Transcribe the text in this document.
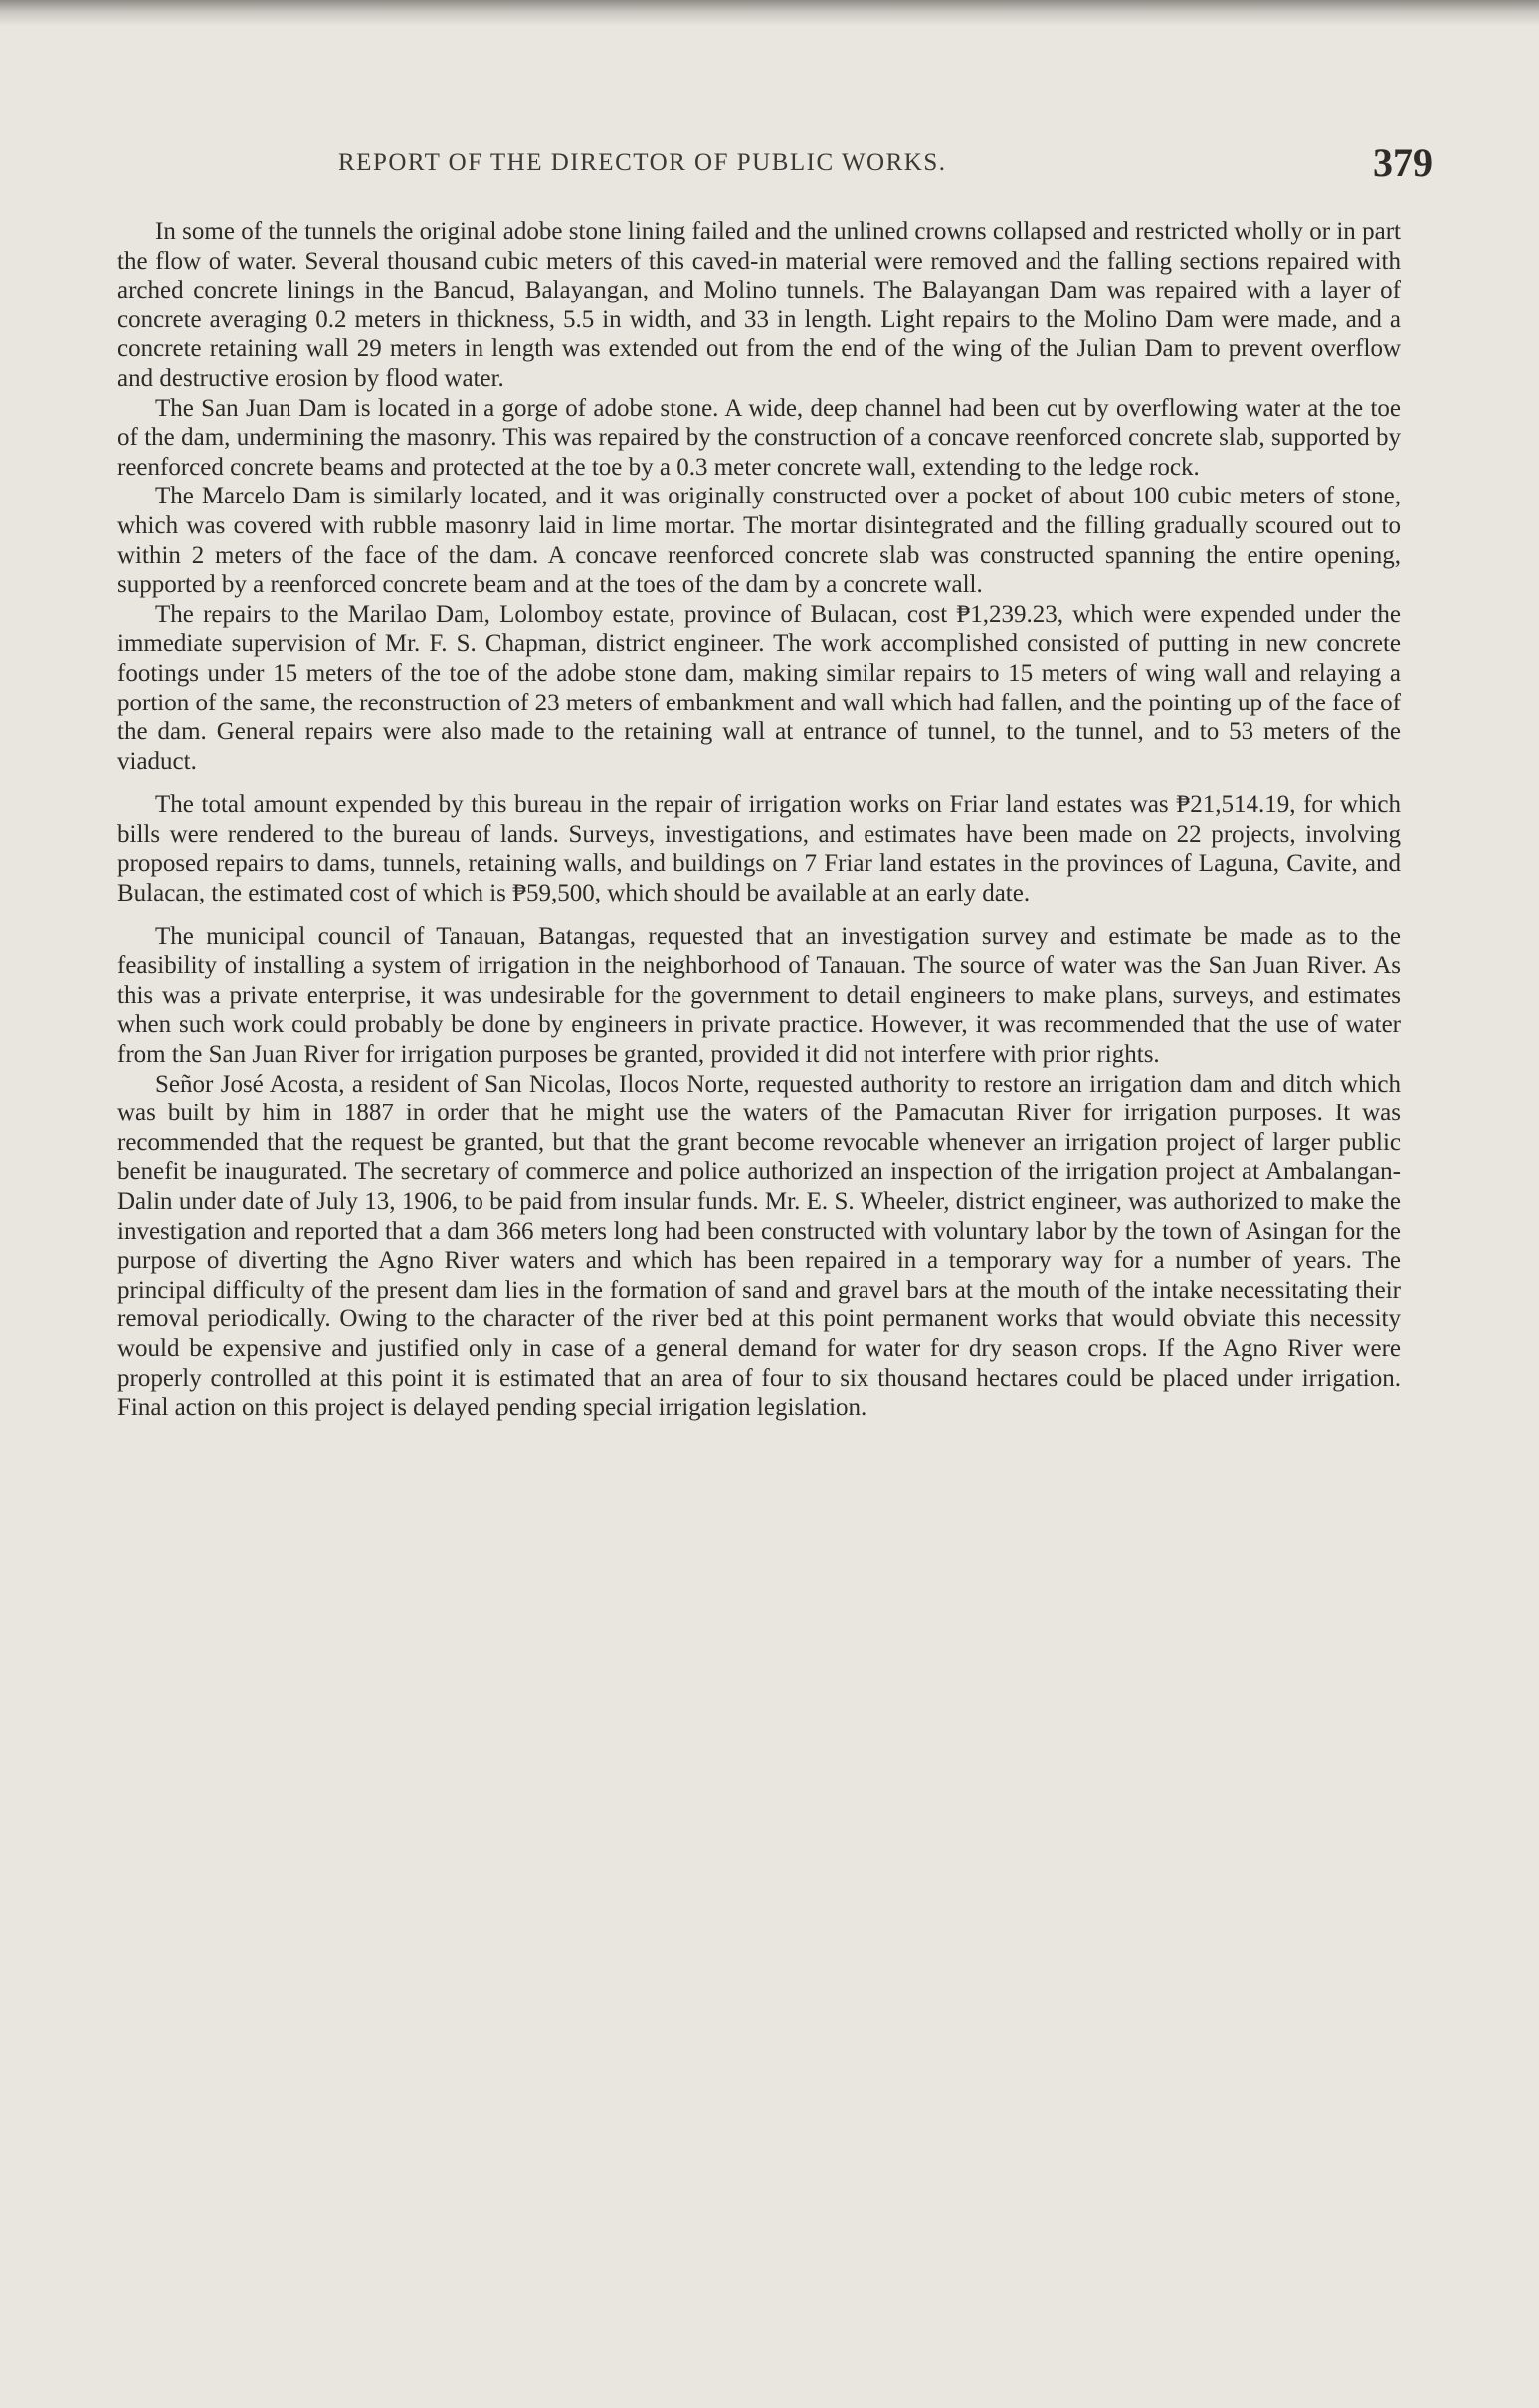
REPORT OF THE DIRECTOR OF PUBLIC WORKS.	379

In some of the tunnels the original adobe stone lining failed and the unlined crowns collapsed and restricted wholly or in part the flow of water. Several thousand cubic meters of this caved-in material were removed and the falling sections repaired with arched concrete linings in the Bancud, Balayangan, and Molino tunnels. The Balayangan Dam was repaired with a layer of concrete averaging 0.2 meters in thickness, 5.5 in width, and 33 in length. Light repairs to the Molino Dam were made, and a concrete retaining wall 29 meters in length was extended out from the end of the wing of the Julian Dam to prevent overflow and destructive erosion by flood water.

The San Juan Dam is located in a gorge of adobe stone. A wide, deep channel had been cut by overflowing water at the toe of the dam, undermining the masonry. This was repaired by the construction of a concave reenforced concrete slab, supported by reenforced concrete beams and protected at the toe by a 0.3 meter concrete wall, extending to the ledge rock.

The Marcelo Dam is similarly located, and it was originally constructed over a pocket of about 100 cubic meters of stone, which was covered with rubble masonry laid in lime mortar. The mortar disintegrated and the filling gradually scoured out to within 2 meters of the face of the dam. A concave reenforced concrete slab was constructed spanning the entire opening, supported by a reenforced concrete beam and at the toes of the dam by a concrete wall.

The repairs to the Marilao Dam, Lolomboy estate, province of Bulacan, cost ₱1,239.23, which were expended under the immediate supervision of Mr. F. S. Chapman, district engineer. The work accomplished consisted of putting in new concrete footings under 15 meters of the toe of the adobe stone dam, making similar repairs to 15 meters of wing wall and relaying a portion of the same, the reconstruction of 23 meters of embankment and wall which had fallen, and the pointing up of the face of the dam. General repairs were also made to the retaining wall at entrance of tunnel, to the tunnel, and to 53 meters of the viaduct.

The total amount expended by this bureau in the repair of irrigation works on Friar land estates was ₱21,514.19, for which bills were rendered to the bureau of lands. Surveys, investigations, and estimates have been made on 22 projects, involving proposed repairs to dams, tunnels, retaining walls, and buildings on 7 Friar land estates in the provinces of Laguna, Cavite, and Bulacan, the estimated cost of which is ₱59,500, which should be available at an early date.

The municipal council of Tanauan, Batangas, requested that an investigation survey and estimate be made as to the feasibility of installing a system of irrigation in the neighborhood of Tanauan. The source of water was the San Juan River. As this was a private enterprise, it was undesirable for the government to detail engineers to make plans, surveys, and estimates when such work could probably be done by engineers in private practice. However, it was recommended that the use of water from the San Juan River for irrigation purposes be granted, provided it did not interfere with prior rights.

Señor José Acosta, a resident of San Nicolas, Ilocos Norte, requested authority to restore an irrigation dam and ditch which was built by him in 1887 in order that he might use the waters of the Pamacutan River for irrigation purposes. It was recommended that the request be granted, but that the grant become revocable whenever an irrigation project of larger public benefit be inaugurated. The secretary of commerce and police authorized an inspection of the irrigation project at Ambalangan-Dalin under date of July 13, 1906, to be paid from insular funds. Mr. E. S. Wheeler, district engineer, was authorized to make the investigation and reported that a dam 366 meters long had been constructed with voluntary labor by the town of Asingan for the purpose of diverting the Agno River waters and which has been repaired in a temporary way for a number of years. The principal difficulty of the present dam lies in the formation of sand and gravel bars at the mouth of the intake necessitating their removal periodically. Owing to the character of the river bed at this point permanent works that would obviate this necessity would be expensive and justified only in case of a general demand for water for dry season crops. If the Agno River were properly controlled at this point it is estimated that an area of four to six thousand hectares could be placed under irrigation. Final action on this project is delayed pending special irrigation legislation.
